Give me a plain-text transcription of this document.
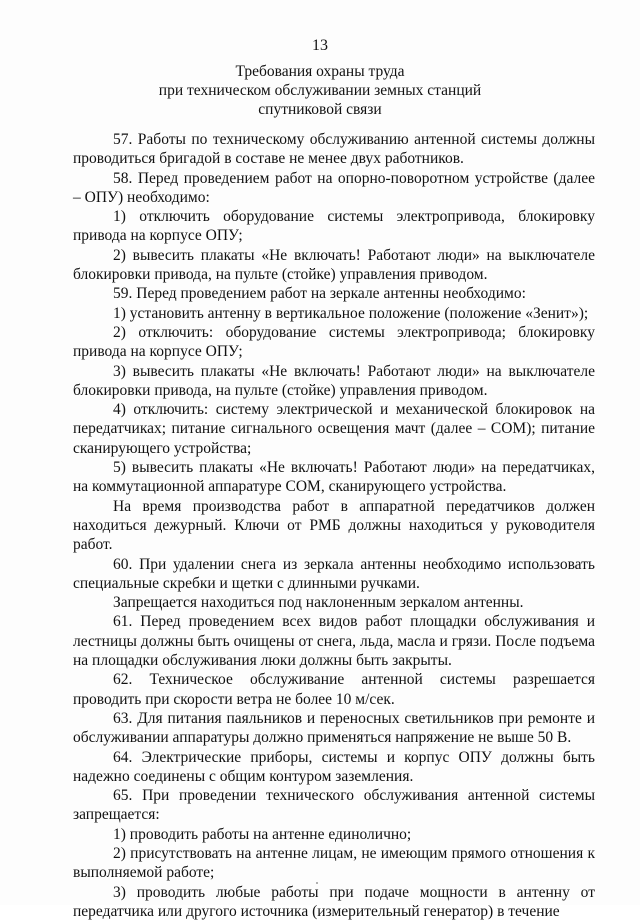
13
Требования охраны труда
при техническом обслуживании земных станций
спутниковой связи

57. Работы по техническому обслуживанию антенной системы должны проводиться бригадой в составе не менее двух работников.

58. Перед проведением работ на опорно-поворотном устройстве (далее – ОПУ) необходимо:

1) отключить оборудование системы электропривода, блокировку привода на корпусе ОПУ;

2) вывесить плакаты «Не включать! Работают люди» на выключателе блокировки привода, на пульте (стойке) управления приводом.

59. Перед проведением работ на зеркале антенны необходимо:

1) установить антенну в вертикальное положение (положение «Зенит»);

2) отключить: оборудование системы электропривода; блокировку привода на корпусе ОПУ;

3) вывесить плакаты «Не включать! Работают люди» на выключателе блокировки привода, на пульте (стойке) управления приводом.

4) отключить: систему электрической и механической блокировок на передатчиках; питание сигнального освещения мачт (далее – СОМ); питание сканирующего устройства;

5) вывесить плакаты «Не включать! Работают люди» на передатчиках, на коммутационной аппаратуре СОМ, сканирующего устройства.

На время производства работ в аппаратной передатчиков должен находиться дежурный. Ключи от РМБ должны находиться у руководителя работ.

60. При удалении снега из зеркала антенны необходимо использовать специальные скребки и щетки с длинными ручками.

Запрещается находиться под наклоненным зеркалом антенны.

61. Перед проведением всех видов работ площадки обслуживания и лестницы должны быть очищены от снега, льда, масла и грязи. После подъема на площадки обслуживания люки должны быть закрыты.

62. Техническое обслуживание антенной системы разрешается проводить при скорости ветра не более 10 м/сек.

63. Для питания паяльников и переносных светильников при ремонте и обслуживании аппаратуры должно применяться напряжение не выше 50 В.

64. Электрические приборы, системы и корпус ОПУ должны быть надежно соединены с общим контуром заземления.

65. При проведении технического обслуживания антенной системы запрещается:

1) проводить работы на антенне единолично;

2) присутствовать на антенне лицам, не имеющим прямого отношения к выполняемой работе;

3) проводить любые работы при подаче мощности в антенну от передатчика или другого источника (измерительный генератор) в течение
